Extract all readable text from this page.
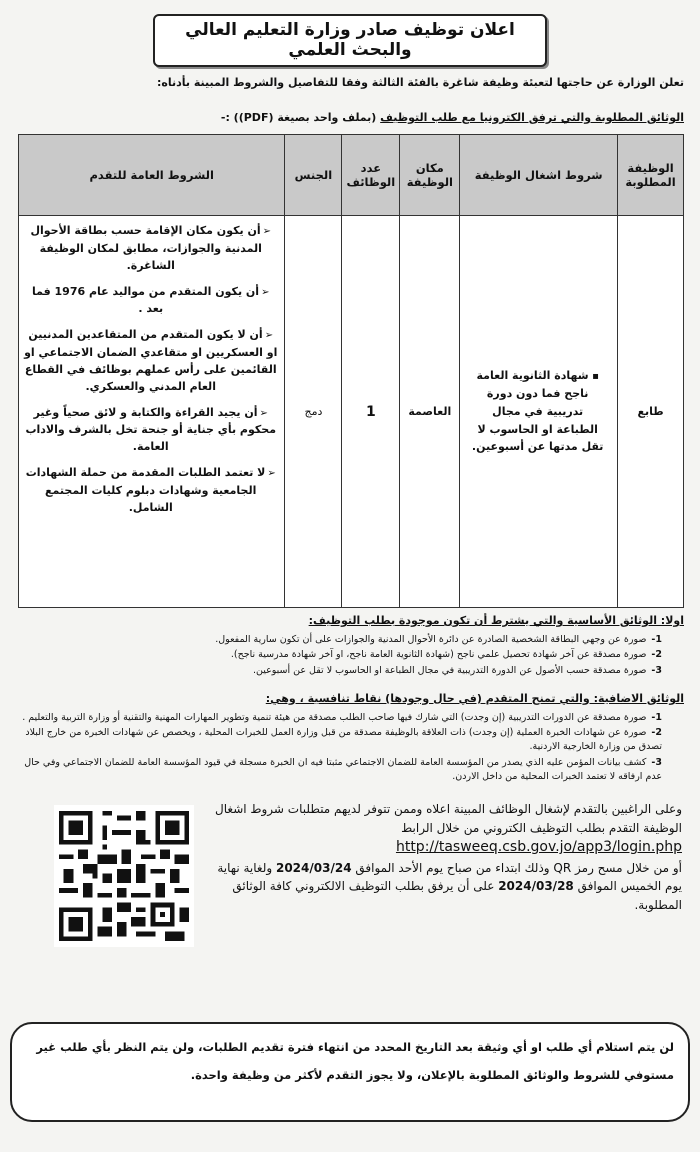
اعلان توظيف صادر وزارة التعليم العالي والبحث العلمي
تعلن الوزارة عن حاجتها لتعبئة وظيفة شاغرة بالفئة الثالثة وفقا للتفاصيل والشروط المبينة بأدناه:
الوثائق المطلوبة والتي ترفق الكترونيا مع طلب التوظيف (بملف واحد بصيغة (PDF)) :-
الوظيفة المطلوبة	شروط اشغال الوظيفة	مكان الوظيفة	عدد الوظائف	الجنس	الشروط العامة للتقدم
طابع	▪ شهادة الثانوية العامة ناجح فما دون دورة تدريبية في مجال الطباعة او الحاسوب لا تقل مدتها عن أسبوعين.	العاصمة	1	دمج	➢أن يكون مكان الإقامة حسب بطاقة الأحوال المدنية والجوازات، مطابق لمكان الوظيفة الشاغرة.
➢أن يكون المتقدم من مواليد عام 1976 فما بعد .
➢أن لا يكون المتقدم من المتقاعدين المدنيين او العسكريين او متقاعدي الضمان الاجتماعي او القائمين على رأس عملهم بوظائف في القطاع العام المدني والعسكري.
➢أن يجيد القراءة والكتابة و لائق صحياً وغير محكوم بأي جناية أو جنحة تخل بالشرف والاداب العامة.
➢لا تعتمد الطلبات المقدمة من حملة الشهادات الجامعية وشهادات دبلوم كليات المجتمع الشامل.
اولا: الوثائق الأساسية والتي يشترط أن تكون موجودة بطلب التوظيف:
1-صورة عن وجهي البطاقة الشخصية الصادرة عن دائرة الأحوال المدنية والجوازات على أن تكون سارية المفعول.
2-صورة مصدقة عن آخر شهادة تحصيل علمي ناجح (شهادة الثانوية العامة ناجح، او آخر شهادة مدرسية ناجح).
3-صورة مصدقة حسب الأصول عن الدورة التدريبية في مجال الطباعة او الحاسوب لا تقل عن أسبوعين.
الوثائق الاضافية: والتي تمنح المتقدم (في حال وجودها) نقاط تنافسية ، وهي:
1-صورة مصدقة عن الدورات التدريبية (إن وجدت) التي شارك فيها صاحب الطلب مصدقة من هيئة تنمية وتطوير المهارات المهنية والتقنية أو وزارة التربية والتعليم .
2-صورة عن شهادات الخبرة العملية (إن وجدت) ذات العلاقة بالوظيفة مصدقة من قبل وزارة العمل للخبرات المحلية ، ويخصص عن شهادات الخبرة من خارج البلاد تصدق من وزارة الخارجية الاردنية.
3-كشف بيانات المؤمن عليه الذي يصدر من المؤسسة العامة للضمان الاجتماعي مثبتا فيه ان الخبرة مسجلة في قيود المؤسسة العامة للضمان الاجتماعي وفي حال عدم ارفاقه لا تعتمد الخبرات المحلية من داخل الاردن.
وعلى الراغبين بالتقدم لإشغال الوظائف المبينة اعلاه وممن تتوفر لديهم متطلبات شروط اشغال الوظيفة التقدم بطلب التوظيف الكتروني من خلال الرابط
http://tasweeq.csb.gov.jo/app3/login.php
أو من خلال مسح رمز QR وذلك ابتداء من صباح يوم الأحد الموافق 2024/03/24 ولغاية نهاية يوم الخميس الموافق 2024/03/28 على أن يرفق بطلب التوظيف الالكتروني كافة الوثائق المطلوبة.
لن يتم استلام أي طلب او أي وثيقة بعد التاريخ المحدد من انتهاء فترة تقديم الطلبات، ولن يتم النظر بأي طلب غير مستوفي للشروط والوثائق المطلوبة بالإعلان، ولا يجوز التقدم لأكثر من وظيفة واحدة.
